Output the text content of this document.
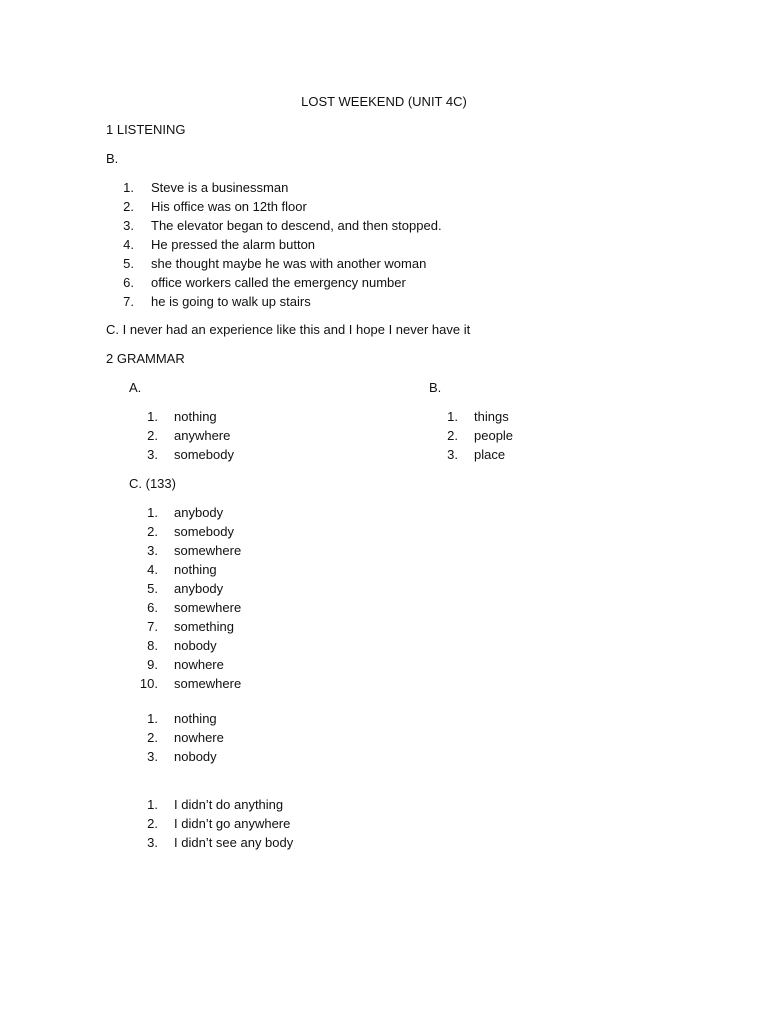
LOST WEEKEND (UNIT 4C)
1 LISTENING
B.
1. Steve is a businessman
2. His office was on 12th floor
3. The elevator began to descend, and then stopped.
4. He pressed the alarm button
5. she thought maybe he was with another woman
6. office workers called the emergency number
7. he is going to walk up stairs
C. I never had an experience like this and I hope I never have it
2 GRAMMAR
A.	B.
1. nothing
2. anywhere
3. somebody
1. things
2. people
3. place
C. (133)
1. anybody
2. somebody
3. somewhere
4. nothing
5. anybody
6. somewhere
7. something
8. nobody
9. nowhere
10. somewhere
1. nothing
2. nowhere
3. nobody
1. I didn’t do anything
2. I didn’t go anywhere
3. I didn’t see any body
